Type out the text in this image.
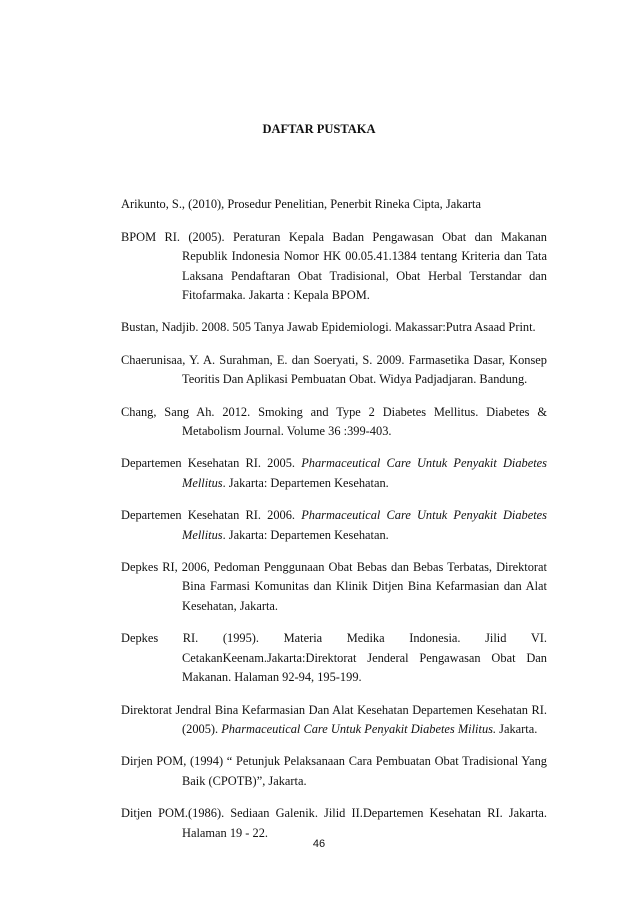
DAFTAR PUSTAKA

Arikunto, S., (2010), Prosedur Penelitian, Penerbit Rineka Cipta, Jakarta

BPOM RI. (2005). Peraturan Kepala Badan Pengawasan Obat dan Makanan Republik Indonesia Nomor HK 00.05.41.1384 tentang Kriteria dan Tata Laksana Pendaftaran Obat Tradisional, Obat Herbal Terstandar dan Fitofarmaka. Jakarta : Kepala BPOM.

Bustan, Nadjib. 2008. 505 Tanya Jawab Epidemiologi. Makassar:Putra Asaad Print.

Chaerunisaa, Y. A. Surahman, E. dan Soeryati, S. 2009. Farmasetika Dasar, Konsep Teoritis Dan Aplikasi Pembuatan Obat. Widya Padjadjaran. Bandung.

Chang, Sang Ah. 2012. Smoking and Type 2 Diabetes Mellitus. Diabetes & Metabolism Journal. Volume 36 :399-403.

Departemen Kesehatan RI. 2005. Pharmaceutical Care Untuk Penyakit Diabetes Mellitus. Jakarta: Departemen Kesehatan.

Departemen Kesehatan RI. 2006. Pharmaceutical Care Untuk Penyakit Diabetes Mellitus. Jakarta: Departemen Kesehatan.

Depkes RI, 2006, Pedoman Penggunaan Obat Bebas dan Bebas Terbatas, Direktorat Bina Farmasi Komunitas dan Klinik Ditjen Bina Kefarmasian dan Alat Kesehatan, Jakarta.

Depkes RI. (1995). Materia Medika Indonesia. Jilid VI. CetakanKeenam.Jakarta:Direktorat Jenderal Pengawasan Obat Dan Makanan. Halaman 92-94, 195-199.

Direktorat Jendral Bina Kefarmasian Dan Alat Kesehatan Departemen Kesehatan RI.(2005). Pharmaceutical Care Untuk Penyakit Diabetes Militus. Jakarta.

Dirjen POM, (1994) “ Petunjuk Pelaksanaan Cara Pembuatan Obat Tradisional Yang Baik (CPOTB)”, Jakarta.

Ditjen POM.(1986). Sediaan Galenik. Jilid II.Departemen Kesehatan RI. Jakarta. Halaman 19 - 22.

46
